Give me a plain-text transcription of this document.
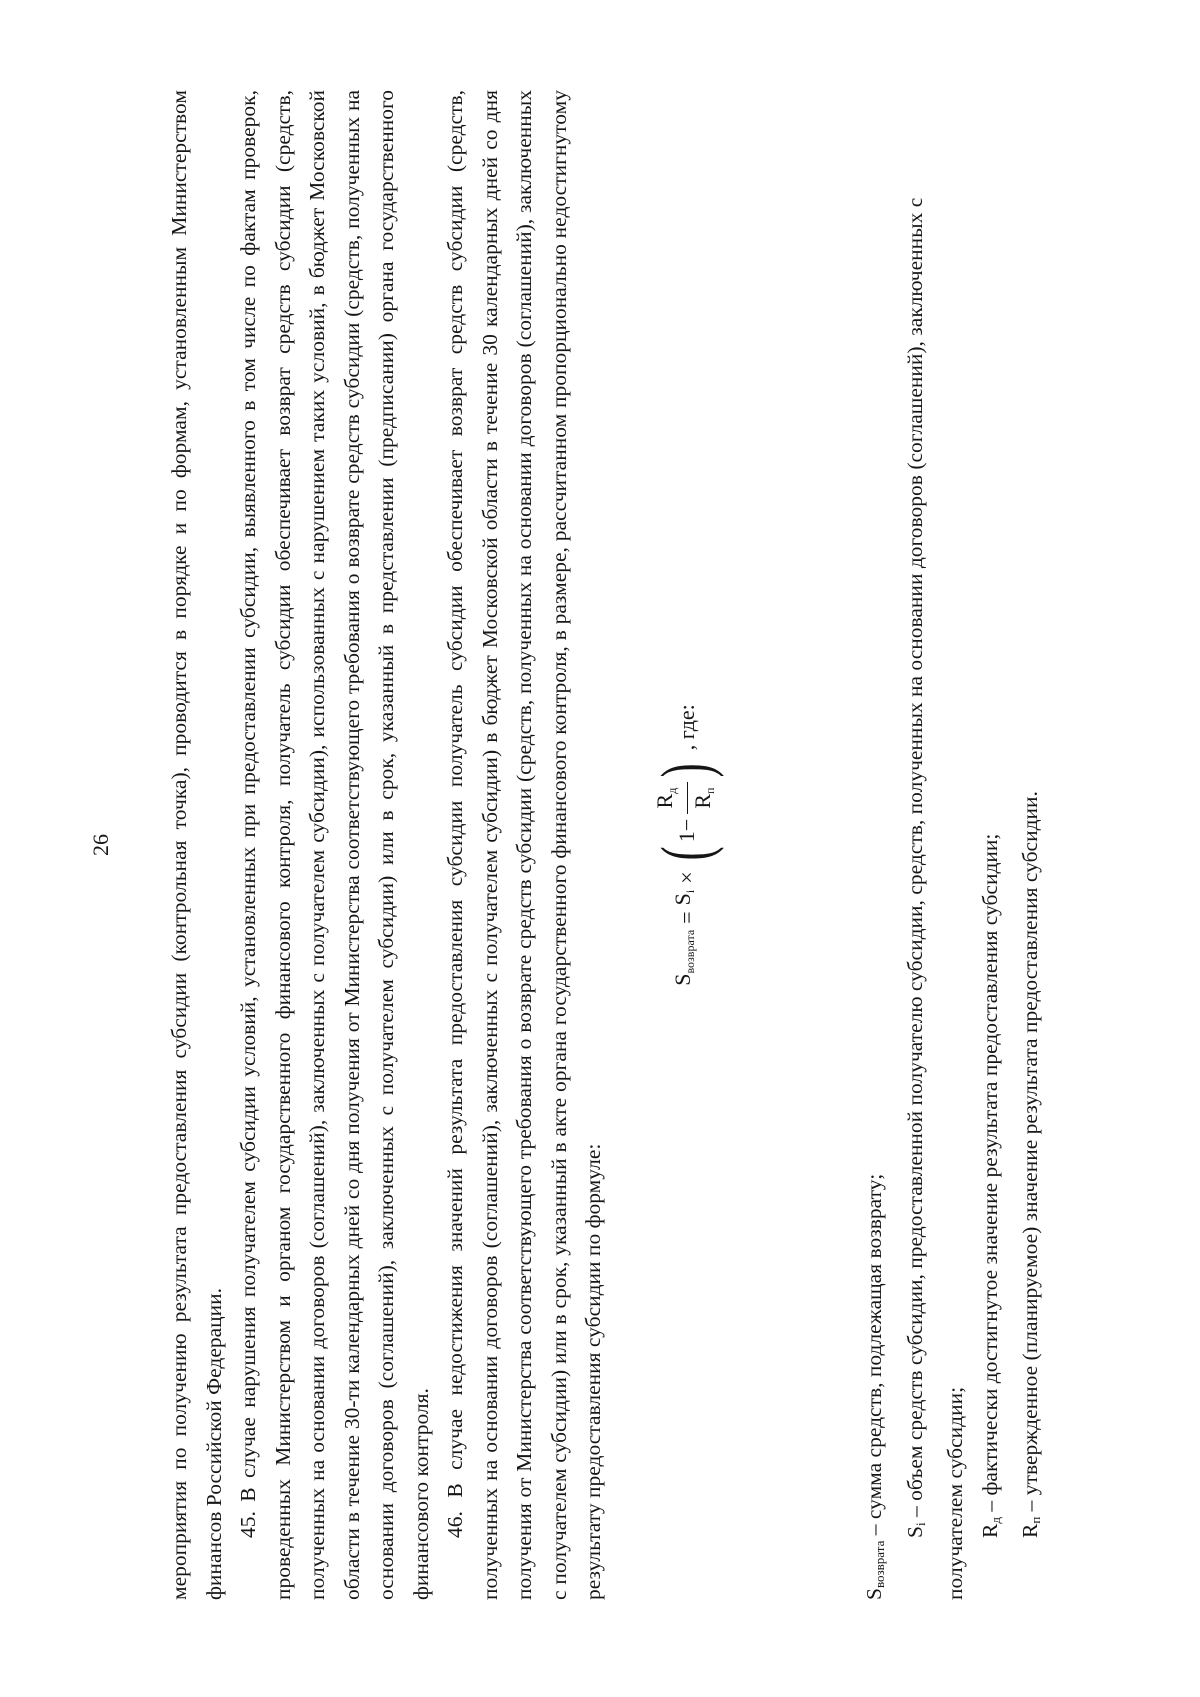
26	мероприятия по получению результата предоставления субсидии (контрольная точка), проводится в порядке и по формам, установленным Министерством финансов Российской Федерации. 45. В случае нарушения получателем субсидии условий, установленных при предоставлении субсидии, выявленного в том числе по фактам проверок, проведенных Министерством и органом государственного финансового контроля, получатель субсидии обеспечивает возврат средств субсидии (средств, полученных на основании договоров (соглашений), заключенных с получателем субсидии), использованных с нарушением таких условий, в бюджет Московской области в течение 30-ти календарных дней со дня получения от Министерства соответствующего требования о возврате средств субсидии (средств, полученных на основании договоров (соглашений), заключенных с получателем субсидии) или в срок, указанный в представлении (предписании) органа государственного финансового контроля. 46. В случае недостижения значений результата предоставления субсидии получатель субсидии обеспечивает возврат средств субсидии (средств, полученных на основании договоров (соглашений), заключенных с получателем субсидии) в бюджет Московской области в течение 30 календарных дней со дня получения от Министерства соответствующего требования о возврате средств субсидии (средств, полученных на основании договоров (соглашений), заключенных с получателем субсидии) или в срок, указанный в акте органа государственного финансового контроля, в размере, рассчитанном пропорционально недостигнутому результату предоставления субсидии по формуле:

$S_{возврата}$
=
$S_i$
×
(
1−
$R_д$
$R_п$
)
, где:

$S_{возврата}$ – сумма средств, подлежащая возврату; $S_i$ – объем средств субсидии, предоставленной получателю субсидии, средств, полученных на основании договоров (соглашений), заключенных с получателем субсидии; $R_д$ – фактически достигнутое значение результата предоставления субсидии;

$R_п$ – утвержденное (планируемое) значение результата предоставления субсидии.
